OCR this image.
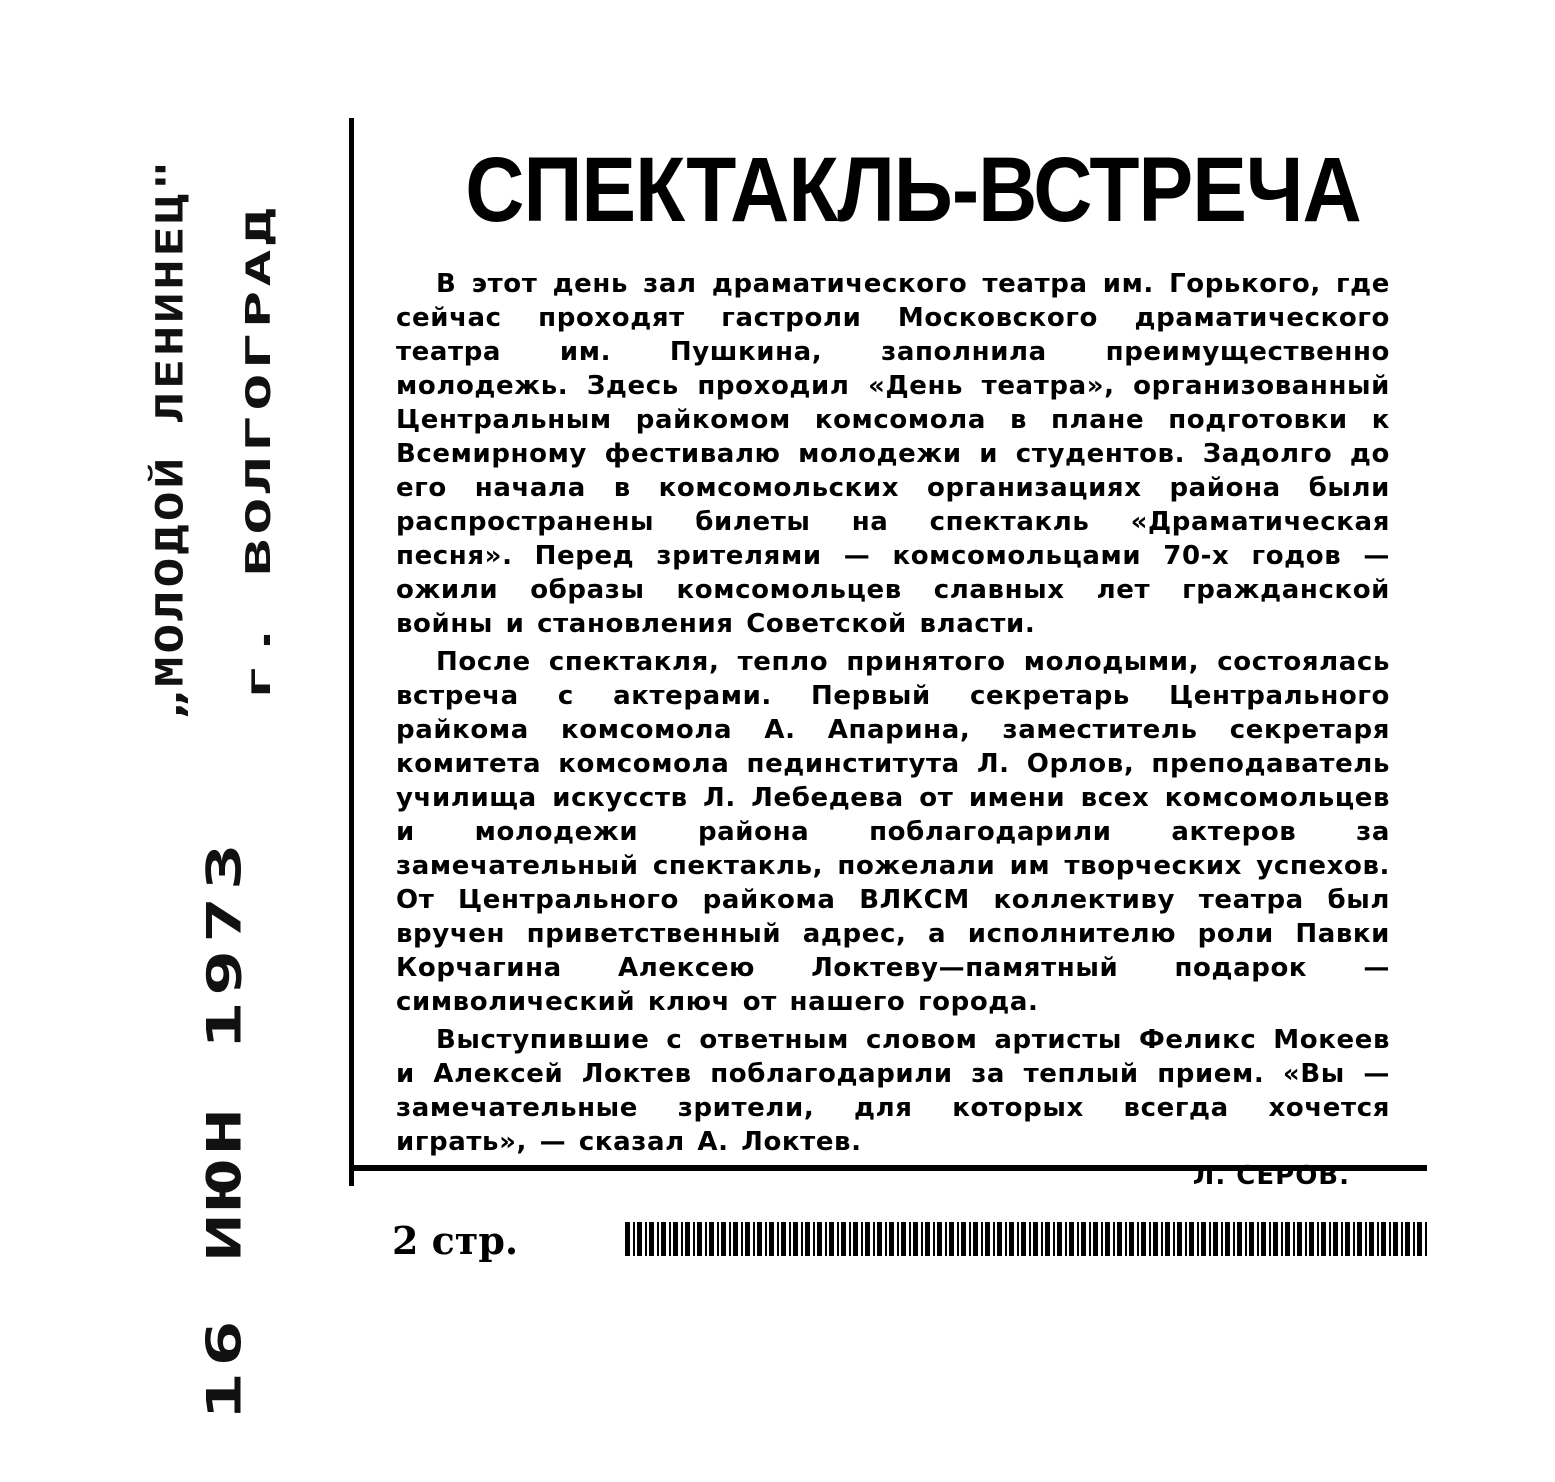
„МОЛОДОЙ ЛЕНИНЕЦ" г. ВОЛГОГРАД
16 ИЮН 1973
СПЕКТАКЛЬ-ВСТРЕЧА

В этот день зал драматического театра им. Горького, где сейчас проходят гастроли Московского драматического театра им. Пушкина, заполнила преимущественно молодежь. Здесь проходил «День театра», организованный Центральным райкомом комсомола в плане подготовки к Всемирному фестивалю молодежи и студентов. Задолго до его начала в комсомольских организациях района были распространены билеты на спектакль «Драматическая песня». Перед зрителями — комсомольцами 70-х годов — ожили образы комсомольцев славных лет гражданской войны и становления Советской власти.

После спектакля, тепло принятого молодыми, состоялась встреча с актерами. Первый секретарь Центрального райкома комсомола А. Апарина, заместитель секретаря комитета комсомола пединститута Л. Орлов, преподаватель училища искусств Л. Лебедева от имени всех комсомольцев и молодежи района поблагодарили актеров за замечательный спектакль, пожелали им творческих успехов. От Центрального райкома ВЛКСМ коллективу театра был вручен приветственный адрес, а исполнителю роли Павки Корчагина Алексею Локтеву—памятный подарок — символический ключ от нашего города.

Выступившие с ответным словом артисты Феликс Мокеев и Алексей Локтев поблагодарили за теплый прием. «Вы — замечательные зрители, для которых всегда хочется играть», — сказал А. Локтев.

Л. СЕРОВ.

2 стр.
